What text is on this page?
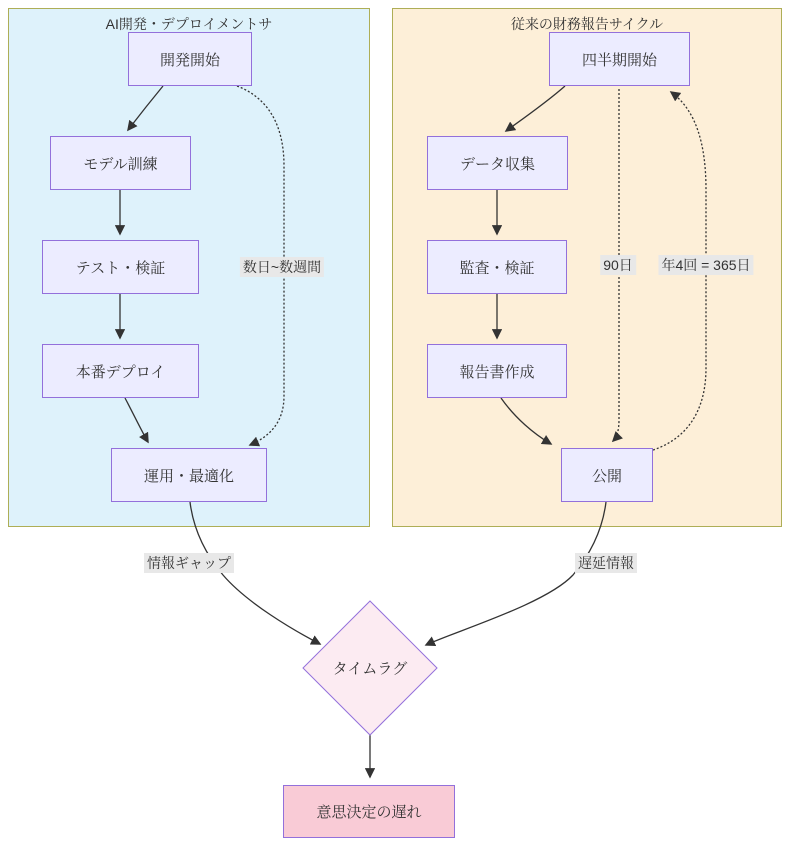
AI開発・デプロイメントサ	従来の財務報告サイクル
開発開始
モデル訓練
テスト・検証
本番デプロイ
運用・最適化
四半期開始
データ収集
監査・検証
報告書作成
公開
タイムラグ
意思決定の遅れ
数日~数週間	90日 年4回 = 365日
情報ギャップ	遅延情報
